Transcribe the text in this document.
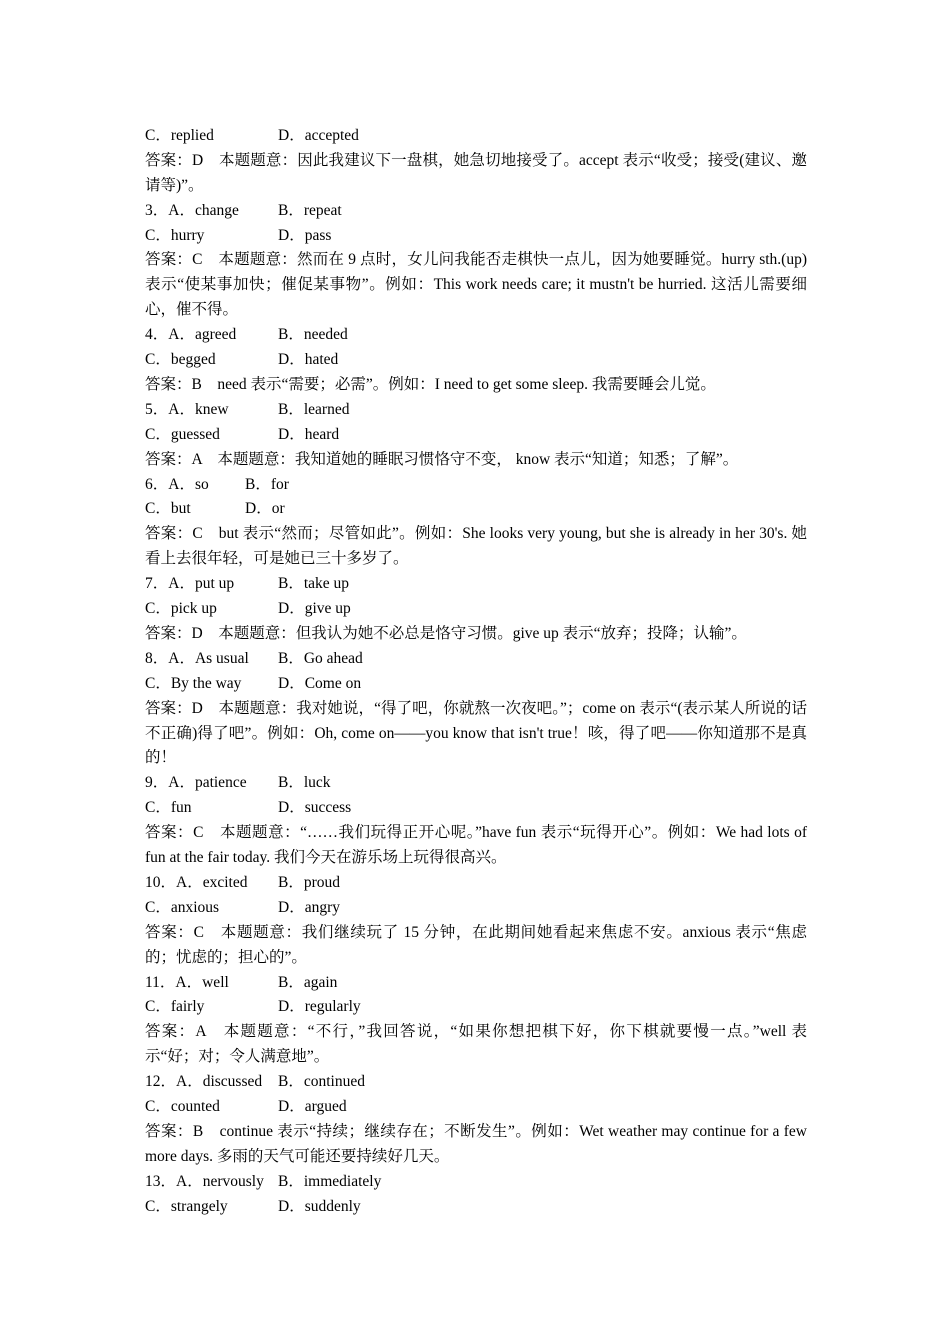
C．replied	D．accepted
答案：D　本题题意：因此我建议下一盘棋，她急切地接受了。accept 表示“收受；接受(建议、邀请等)”。
3．A．change	B．repeat
C．hurry	D．pass
答案：C　本题题意：然而在 9 点时，女儿问我能否走棋快一点儿，因为她要睡觉。hurry sth.(up)表示“使某事加快；催促某事物”。例如：This work needs care; it mustn't be hurried. 这活儿需要细心，催不得。
4．A．agreed	B．needed
C．begged	D．hated
答案：B　need 表示“需要；必需”。例如：I need to get some sleep. 我需要睡会儿觉。
5．A．knew	B．learned
C．guessed	D．heard
答案：A　本题题意：我知道她的睡眠习惯恪守不变， know 表示“知道；知悉；了解”。
6．A．so B．for
C．but	D．or
答案：C　but 表示“然而；尽管如此”。例如：She looks very young, but she is already in her 30's. 她看上去很年轻，可是她已三十多岁了。
7．A．put up	B．take up
C．pick up	D．give up
答案：D　本题题意：但我认为她不必总是恪守习惯。give up 表示“放弃；投降；认输”。
8．A．As usual B．Go ahead
C．By the way D．Come on
答案：D　本题题意：我对她说，“得了吧，你就熬一次夜吧。”；come on 表示“(表示某人所说的话不正确)得了吧”。例如：Oh, come on——you know that isn't true！咳，得了吧——你知道那不是真的！
9．A．patience B．luck
C．fun	D．success
答案：C　本题题意：“……我们玩得正开心呢。”have fun 表示“玩得开心”。例如：We had lots of fun at the fair today. 我们今天在游乐场上玩得很高兴。
10．A．excited B．proud
C．anxious	D．angry
答案：C　本题题意：我们继续玩了 15 分钟，在此期间她看起来焦虑不安。anxious 表示“焦虑的；忧虑的；担心的”。
11．A．well	B．again
C．fairly	D．regularly
答案：A　本题题意：“不行，”我回答说，“如果你想把棋下好，你下棋就要慢一点。”well 表示“好；对；令人满意地”。
12．A．discussed B．continued
C．counted	D．argued
答案：B　continue 表示“持续；继续存在；不断发生”。例如：Wet weather may continue for a few more days. 多雨的天气可能还要持续好几天。
13．A．nervously B．immediately
C．strangely	D．suddenly
